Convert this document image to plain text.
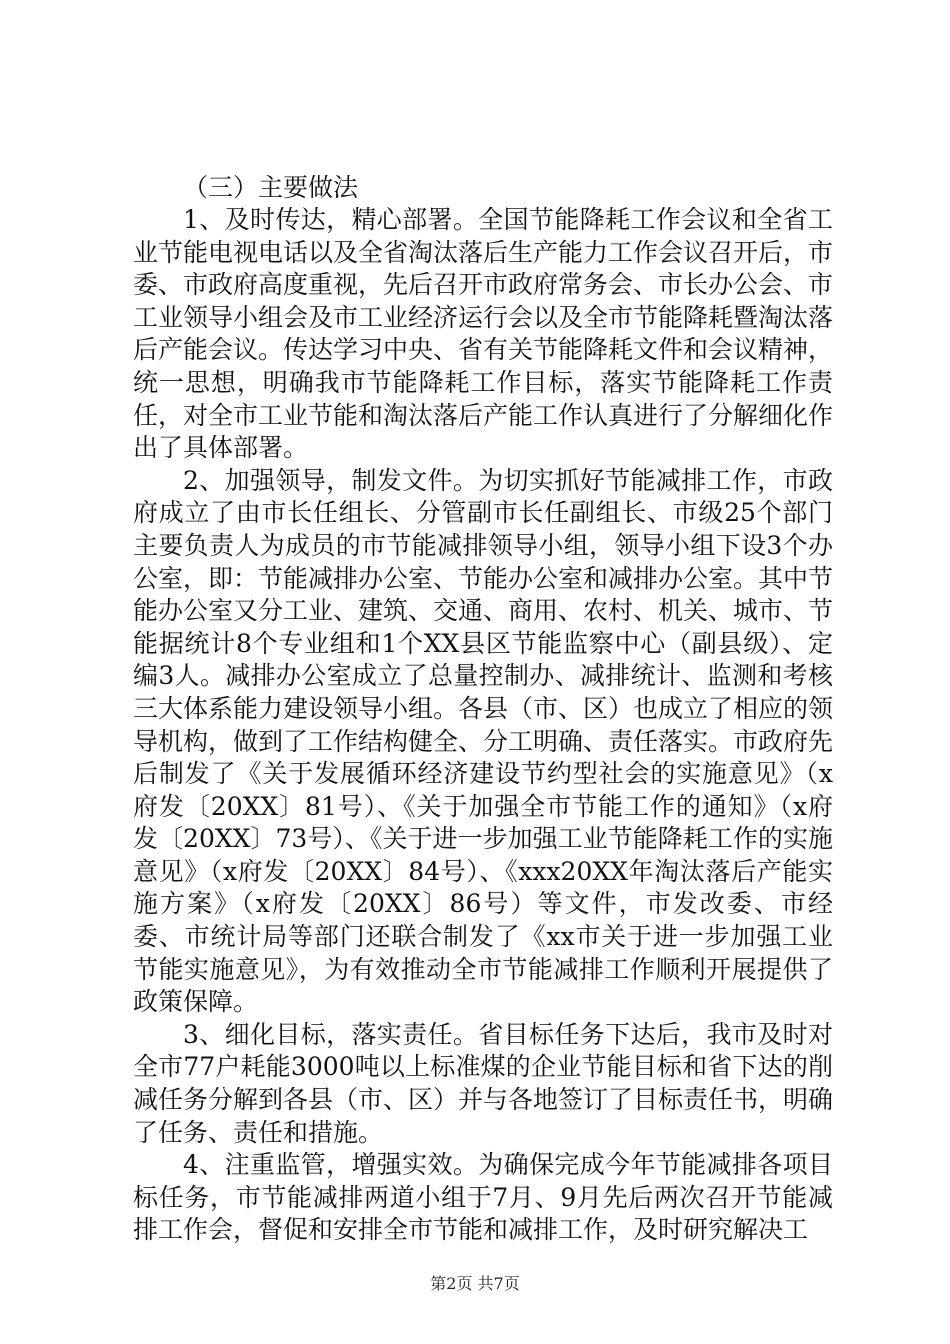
（三）主要做法

1、及时传达，精心部署。全国节能降耗工作会议和全省工业节能电视电话以及全省淘汰落后生产能力工作会议召开后，市委、市政府高度重视，先后召开市政府常务会、市长办公会、市工业领导小组会及市工业经济运行会以及全市节能降耗暨淘汰落后产能会议。传达学习中央、省有关节能降耗文件和会议精神，统一思想，明确我市节能降耗工作目标，落实节能降耗工作责任，对全市工业节能和淘汰落后产能工作认真进行了分解细化作出了具体部署。

2、加强领导，制发文件。为切实抓好节能减排工作，市政府成立了由市长任组长、分管副市长任副组长、市级25个部门主要负责人为成员的市节能减排领导小组，领导小组下设3个办公室，即：节能减排办公室、节能办公室和减排办公室。其中节能办公室又分工业、建筑、交通、商用、农村、机关、城市、节能据统计8个专业组和1个XX县区节能监察中心（副县级）、定编3人。减排办公室成立了总量控制办、减排统计、监测和考核三大体系能力建设领导小组。各县（市、区）也成立了相应的领导机构，做到了工作结构健全、分工明确、责任落实。市政府先后制发了《关于发展循环经济建设节约型社会的实施意见》（x府发〔20XX〕81号）、《关于加强全市节能工作的通知》（x府发〔20XX〕73号）、《关于进一步加强工业节能降耗工作的实施意见》（x府发〔20XX〕84号）、《xxx20XX年淘汰落后产能实施方案》（x府发〔20XX〕86号）等文件，市发改委、市经委、市统计局等部门还联合制发了《xx市关于进一步加强工业节能实施意见》，为有效推动全市节能减排工作顺利开展提供了政策保障。

3、细化目标，落实责任。省目标任务下达后，我市及时对全市77户耗能3000吨以上标准煤的企业节能目标和省下达的削减任务分解到各县（市、区）并与各地签订了目标责任书，明确了任务、责任和措施。

4、注重监管，增强实效。为确保完成今年节能减排各项目标任务，市节能减排两道小组于7月、9月先后两次召开节能减排工作会，督促和安排全市节能和减排工作，及时研究解决工

第2页 共7页
